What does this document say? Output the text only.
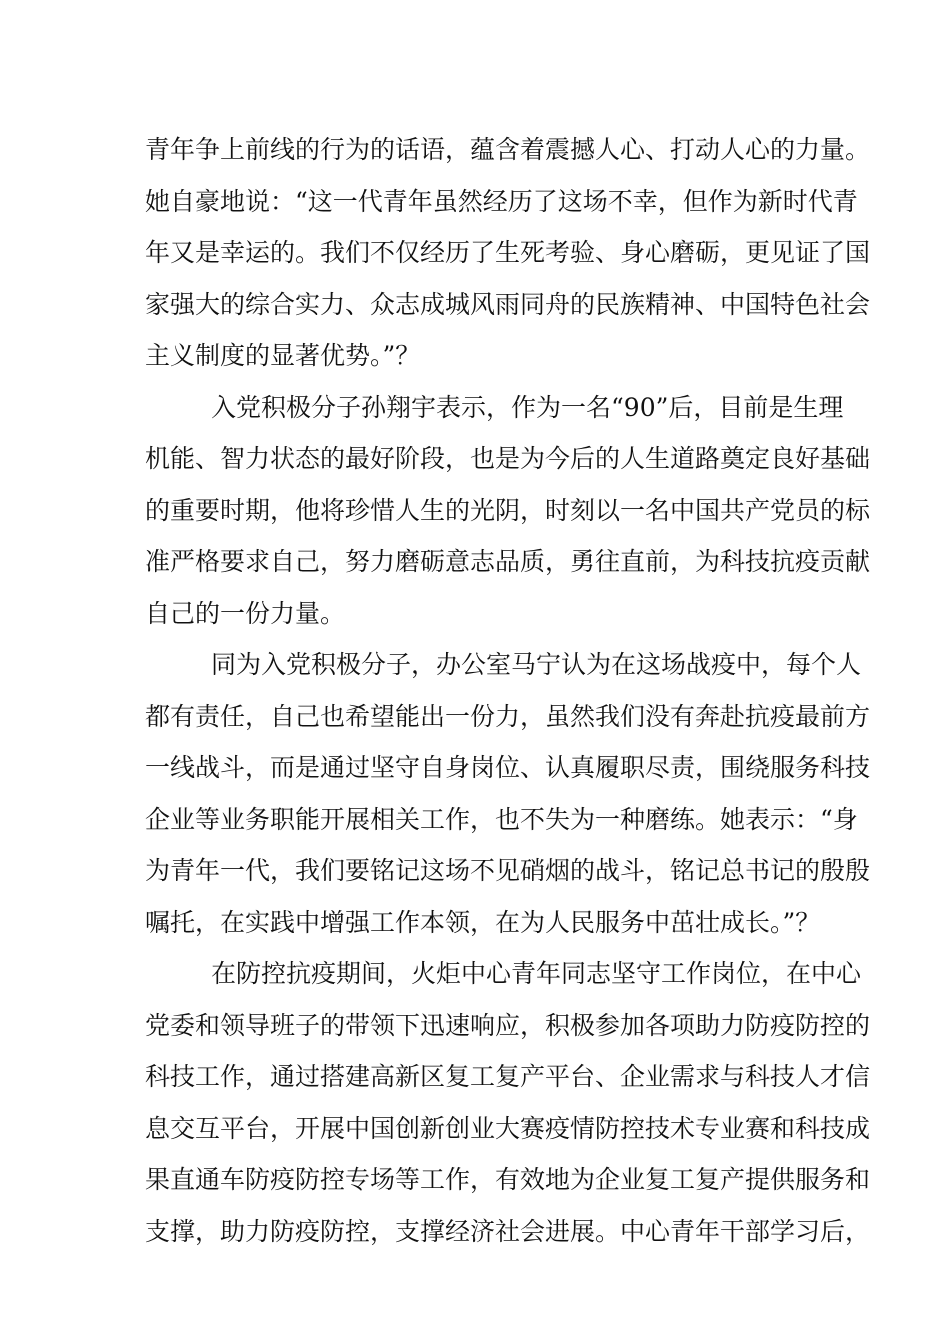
青年争上前线的行为的话语，蕴含着震撼人心、打动人心的力量。
她自豪地说：“这一代青年虽然经历了这场不幸，但作为新时代青
年又是幸运的。我们不仅经历了生死考验、身心磨砺，更见证了国
家强大的综合实力、众志成城风雨同舟的民族精神、中国特色社会
主义制度的显著优势。”？
入党积极分子孙翔宇表示，作为一名“90”后，目前是生理
机能、智力状态的最好阶段，也是为今后的人生道路奠定良好基础
的重要时期，他将珍惜人生的光阴，时刻以一名中国共产党员的标
准严格要求自己，努力磨砺意志品质，勇往直前，为科技抗疫贡献
自己的一份力量。
同为入党积极分子，办公室马宁认为在这场战疫中，每个人
都有责任，自己也希望能出一份力，虽然我们没有奔赴抗疫最前方
一线战斗，而是通过坚守自身岗位、认真履职尽责，围绕服务科技
企业等业务职能开展相关工作，也不失为一种磨练。她表示：“身
为青年一代，我们要铭记这场不见硝烟的战斗，铭记总书记的殷殷
嘱托，在实践中增强工作本领，在为人民服务中茁壮成长。”？
在防控抗疫期间，火炬中心青年同志坚守工作岗位，在中心
党委和领导班子的带领下迅速响应，积极参加各项助力防疫防控的
科技工作，通过搭建高新区复工复产平台、企业需求与科技人才信
息交互平台，开展中国创新创业大赛疫情防控技术专业赛和科技成
果直通车防疫防控专场等工作，有效地为企业复工复产提供服务和
支撑，助力防疫防控，支撑经济社会进展。中心青年干部学习后，
